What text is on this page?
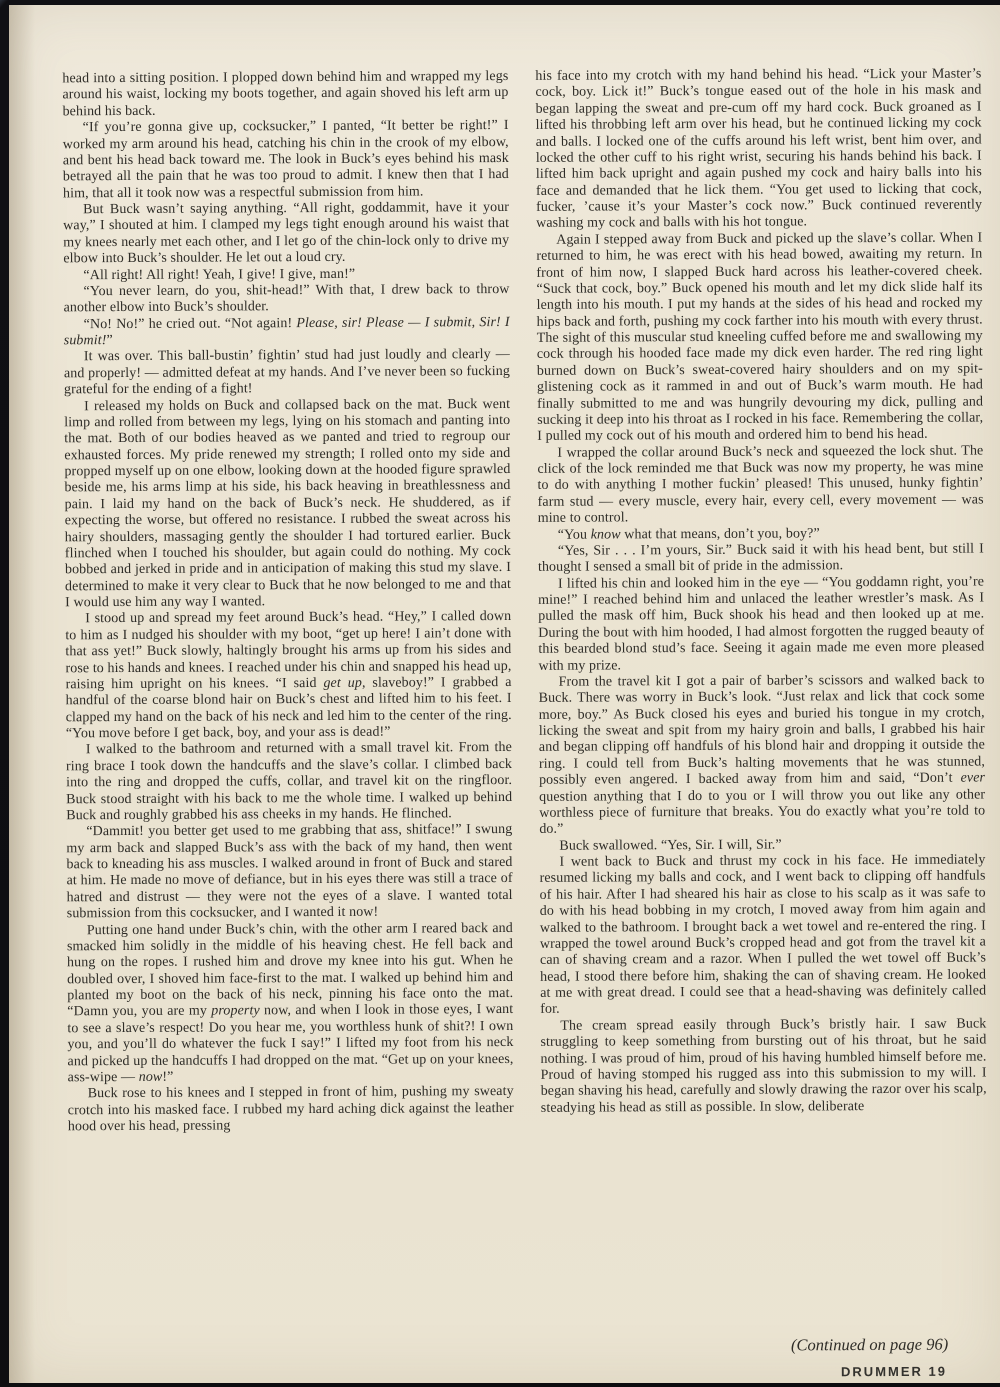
head into a sitting position. I plopped down behind him and wrapped my legs around his waist, locking my boots together, and again shoved his left arm up behind his back.

“If you’re gonna give up, cocksucker,” I panted, “It better be right!” I worked my arm around his head, catching his chin in the crook of my elbow, and bent his head back toward me. The look in Buck’s eyes behind his mask betrayed all the pain that he was too proud to admit. I knew then that I had him, that all it took now was a respectful submission from him.

But Buck wasn’t saying anything. “All right, goddammit, have it your way,” I shouted at him. I clamped my legs tight enough around his waist that my knees nearly met each other, and I let go of the chin-lock only to drive my elbow into Buck’s shoulder. He let out a loud cry.

“All right! All right! Yeah, I give! I give, man!”

“You never learn, do you, shit-head!” With that, I drew back to throw another elbow into Buck’s shoulder.

“No! No!” he cried out. “Not again! Please, sir! Please — I submit, Sir! I submit!”

It was over. This ball-bustin’ fightin’ stud had just loudly and clearly — and properly! — admitted defeat at my hands. And I’ve never been so fucking grateful for the ending of a fight!

I released my holds on Buck and collapsed back on the mat. Buck went limp and rolled from between my legs, lying on his stomach and panting into the mat. Both of our bodies heaved as we panted and tried to regroup our exhausted forces. My pride renewed my strength; I rolled onto my side and propped myself up on one elbow, looking down at the hooded figure sprawled beside me, his arms limp at his side, his back heaving in breathlessness and pain. I laid my hand on the back of Buck’s neck. He shuddered, as if expecting the worse, but offered no resistance. I rubbed the sweat across his hairy shoulders, massaging gently the shoulder I had tortured earlier. Buck flinched when I touched his shoulder, but again could do nothing. My cock bobbed and jerked in pride and in anticipation of making this stud my slave. I determined to make it very clear to Buck that he now belonged to me and that I would use him any way I wanted.

I stood up and spread my feet around Buck’s head. “Hey,” I called down to him as I nudged his shoulder with my boot, “get up here! I ain’t done with that ass yet!” Buck slowly, haltingly brought his arms up from his sides and rose to his hands and knees. I reached under his chin and snapped his head up, raising him upright on his knees. “I said get up, slaveboy!” I grabbed a handful of the coarse blond hair on Buck’s chest and lifted him to his feet. I clapped my hand on the back of his neck and led him to the center of the ring. “You move before I get back, boy, and your ass is dead!”

I walked to the bathroom and returned with a small travel kit. From the ring brace I took down the handcuffs and the slave’s collar. I climbed back into the ring and dropped the cuffs, collar, and travel kit on the ringfloor. Buck stood straight with his back to me the whole time. I walked up behind Buck and roughly grabbed his ass cheeks in my hands. He flinched.

“Dammit! you better get used to me grabbing that ass, shitface!” I swung my arm back and slapped Buck’s ass with the back of my hand, then went back to kneading his ass muscles. I walked around in front of Buck and stared at him. He made no move of defiance, but in his eyes there was still a trace of hatred and distrust — they were not the eyes of a slave. I wanted total submission from this cocksucker, and I wanted it now!

Putting one hand under Buck’s chin, with the other arm I reared back and smacked him solidly in the middle of his heaving chest. He fell back and hung on the ropes. I rushed him and drove my knee into his gut. When he doubled over, I shoved him face-first to the mat. I walked up behind him and planted my boot on the back of his neck, pinning his face onto the mat. “Damn you, you are my property now, and when I look in those eyes, I want to see a slave’s respect! Do you hear me, you worthless hunk of shit?! I own you, and you’ll do whatever the fuck I say!” I lifted my foot from his neck and picked up the handcuffs I had dropped on the mat. “Get up on your knees, ass-wipe — now!”

Buck rose to his knees and I stepped in front of him, pushing my sweaty crotch into his masked face. I rubbed my hard aching dick against the leather hood over his head, pressing

his face into my crotch with my hand behind his head. “Lick your Master’s cock, boy. Lick it!” Buck’s tongue eased out of the hole in his mask and began lapping the sweat and pre-cum off my hard cock. Buck groaned as I lifted his throbbing left arm over his head, but he continued licking my cock and balls. I locked one of the cuffs around his left wrist, bent him over, and locked the other cuff to his right wrist, securing his hands behind his back. I lifted him back upright and again pushed my cock and hairy balls into his face and demanded that he lick them. “You get used to licking that cock, fucker, ’cause it’s your Master’s cock now.” Buck continued reverently washing my cock and balls with his hot tongue.

Again I stepped away from Buck and picked up the slave’s collar. When I returned to him, he was erect with his head bowed, awaiting my return. In front of him now, I slapped Buck hard across his leather-covered cheek. “Suck that cock, boy.” Buck opened his mouth and let my dick slide half its length into his mouth. I put my hands at the sides of his head and rocked my hips back and forth, pushing my cock farther into his mouth with every thrust. The sight of this muscular stud kneeling cuffed before me and swallowing my cock through his hooded face made my dick even harder. The red ring light burned down on Buck’s sweat-covered hairy shoulders and on my spit-glistening cock as it rammed in and out of Buck’s warm mouth. He had finally submitted to me and was hungrily devouring my dick, pulling and sucking it deep into his throat as I rocked in his face. Remembering the collar, I pulled my cock out of his mouth and ordered him to bend his head.

I wrapped the collar around Buck’s neck and squeezed the lock shut. The click of the lock reminded me that Buck was now my property, he was mine to do with anything I mother fuckin’ pleased! This unused, hunky fightin’ farm stud — every muscle, every hair, every cell, every movement — was mine to control.

“You know what that means, don’t you, boy?”

“Yes, Sir . . . I’m yours, Sir.” Buck said it with his head bent, but still I thought I sensed a small bit of pride in the admission.

I lifted his chin and looked him in the eye — “You goddamn right, you’re mine!” I reached behind him and unlaced the leather wrestler’s mask. As I pulled the mask off him, Buck shook his head and then looked up at me. During the bout with him hooded, I had almost forgotten the rugged beauty of this bearded blond stud’s face. Seeing it again made me even more pleased with my prize.

From the travel kit I got a pair of barber’s scissors and walked back to Buck. There was worry in Buck’s look. “Just relax and lick that cock some more, boy.” As Buck closed his eyes and buried his tongue in my crotch, licking the sweat and spit from my hairy groin and balls, I grabbed his hair and began clipping off handfuls of his blond hair and dropping it outside the ring. I could tell from Buck’s halting movements that he was stunned, possibly even angered. I backed away from him and said, “Don’t ever question anything that I do to you or I will throw you out like any other worthless piece of furniture that breaks. You do exactly what you’re told to do.”

Buck swallowed. “Yes, Sir. I will, Sir.”

I went back to Buck and thrust my cock in his face. He immediately resumed licking my balls and cock, and I went back to clipping off handfuls of his hair. After I had sheared his hair as close to his scalp as it was safe to do with his head bobbing in my crotch, I moved away from him again and walked to the bathroom. I brought back a wet towel and re-entered the ring. I wrapped the towel around Buck’s cropped head and got from the travel kit a can of shaving cream and a razor. When I pulled the wet towel off Buck’s head, I stood there before him, shaking the can of shaving cream. He looked at me with great dread. I could see that a head-shaving was definitely called for.

The cream spread easily through Buck’s bristly hair. I saw Buck struggling to keep something from bursting out of his throat, but he said nothing. I was proud of him, proud of his having humbled himself before me. Proud of having stomped his rugged ass into this submission to my will. I began shaving his head, carefully and slowly drawing the razor over his scalp, steadying his head as still as possible. In slow, deliberate

(Continued on page 96)
DRUMMER 19
